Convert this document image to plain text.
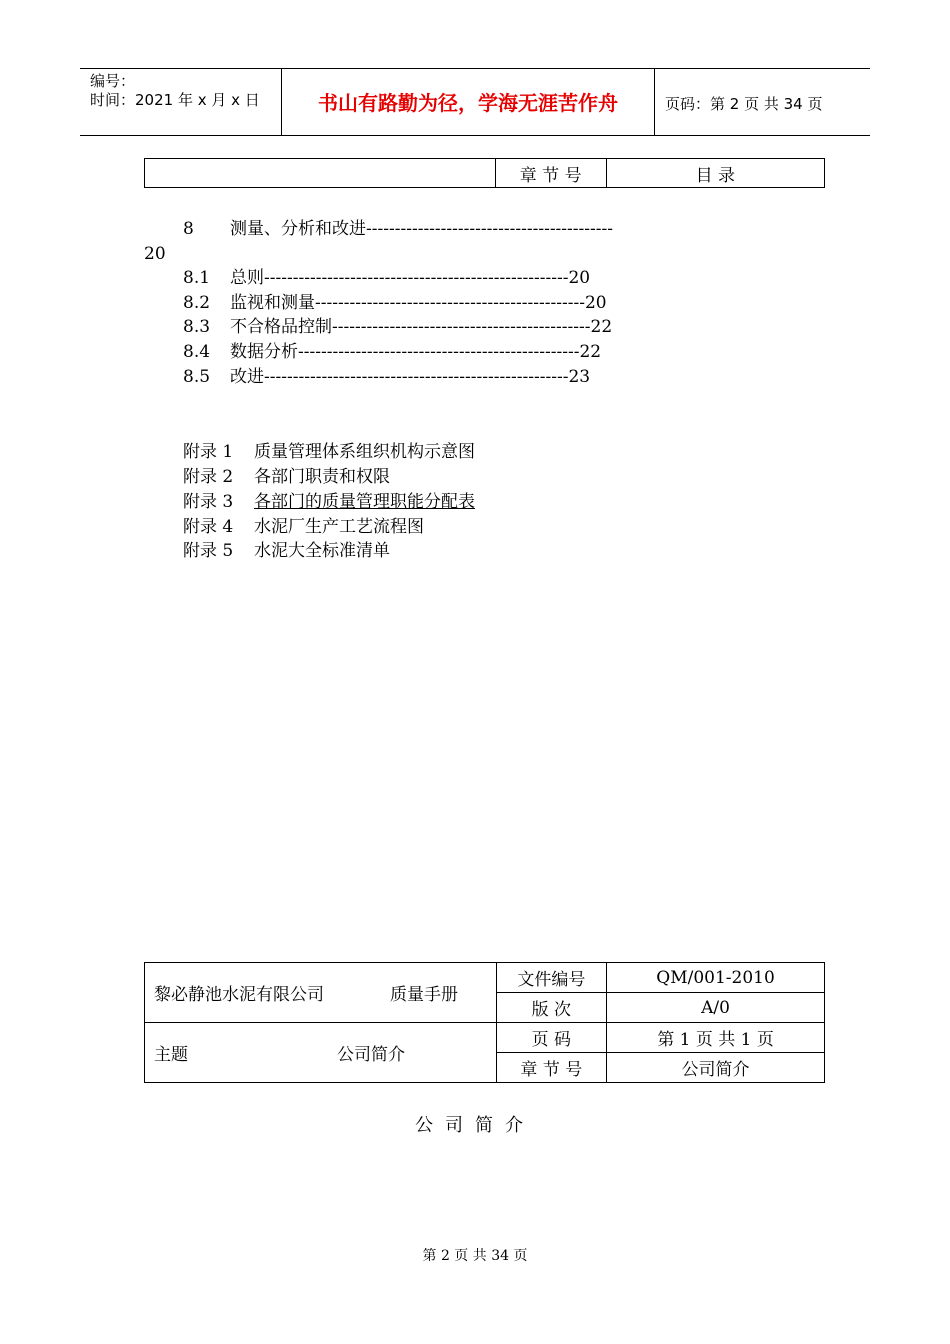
编号：
时间：2021 年 x 月 x 日	书山有路勤为径，学海无涯苦作舟	页码：第 2 页 共 34 页
	章 节 号	目 录
8 测量、分析和改进-------------------------------------------
20
8.1 总则-----------------------------------------------------20
8.2 监视和测量-----------------------------------------------20
8.3 不合格品控制---------------------------------------------22
8.4 数据分析-------------------------------------------------22
8.5 改进-----------------------------------------------------23
附录 1 质量管理体系组织机构示意图
附录 2 各部门职责和权限
附录 3 各部门的质量管理职能分配表
附录 4 水泥厂生产工艺流程图
附录 5 水泥大全标准清单
黎必静池水泥有限公司 质量手册	文件编号	QM/001-2010
	版 次	A/0
主题 公司简介	页 码	第 1 页 共 1 页
	章 节 号	公司简介
公司简介
第 2 页 共 34 页
